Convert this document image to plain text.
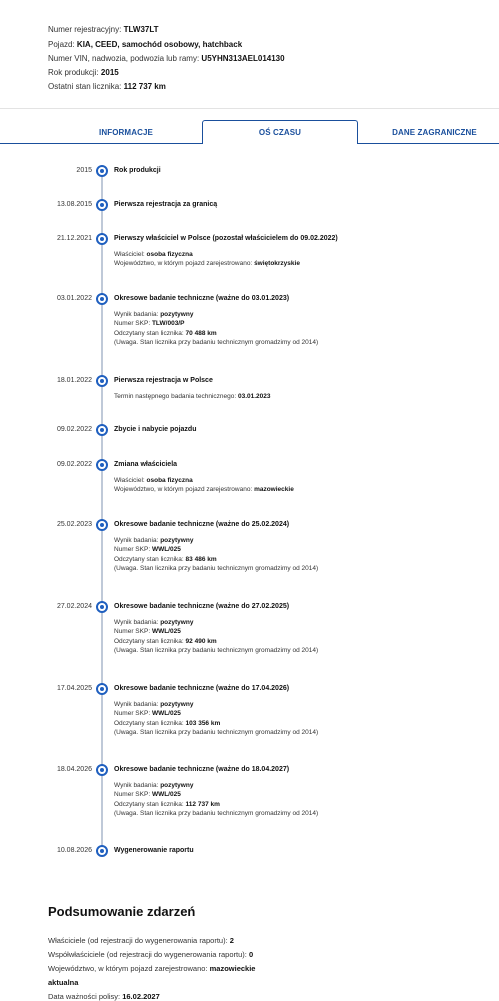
Numer rejestracyjny: TLW37LT
Pojazd: KIA, CEED, samochód osobowy, hatchback
Numer VIN, nadwozia, podwozia lub ramy: U5YHN313AEL014130
Rok produkcji: 2015
Ostatni stan licznika: 112 737 km
INFORMACJE	OŚ CZASU	DANE ZAGRANICZNE
2015	Rok produkcji
13.08.2015	Pierwsza rejestracja za granicą
21.12.2021	Pierwszy właściciel w Polsce (pozostał właścicielem do 09.02.2022)
Właściciel: osoba fizyczna
Województwo, w którym pojazd zarejestrowano: świętokrzyskie
03.01.2022	Okresowe badanie techniczne (ważne do 03.01.2023)
Wynik badania: pozytywny
Numer SKP: TLW/003/P
Odczytany stan licznika: 70 488 km
(Uwaga. Stan licznika przy badaniu technicznym gromadzimy od 2014)
18.01.2022	Pierwsza rejestracja w Polsce
Termin następnego badania technicznego: 03.01.2023
09.02.2022	Zbycie i nabycie pojazdu
09.02.2022	Zmiana właściciela
Właściciel: osoba fizyczna
Województwo, w którym pojazd zarejestrowano: mazowieckie
25.02.2023	Okresowe badanie techniczne (ważne do 25.02.2024)
Wynik badania: pozytywny
Numer SKP: WWL/025
Odczytany stan licznika: 83 486 km
(Uwaga. Stan licznika przy badaniu technicznym gromadzimy od 2014)
27.02.2024	Okresowe badanie techniczne (ważne do 27.02.2025)
Wynik badania: pozytywny
Numer SKP: WWL/025
Odczytany stan licznika: 92 490 km
(Uwaga. Stan licznika przy badaniu technicznym gromadzimy od 2014)
17.04.2025	Okresowe badanie techniczne (ważne do 17.04.2026)
Wynik badania: pozytywny
Numer SKP: WWL/025
Odczytany stan licznika: 103 356 km
(Uwaga. Stan licznika przy badaniu technicznym gromadzimy od 2014)
18.04.2026	Okresowe badanie techniczne (ważne do 18.04.2027)
Wynik badania: pozytywny
Numer SKP: WWL/025
Odczytany stan licznika: 112 737 km
(Uwaga. Stan licznika przy badaniu technicznym gromadzimy od 2014)
10.08.2026	Wygenerowanie raportu
Podsumowanie zdarzeń
Właściciele (od rejestracji do wygenerowania raportu): 2
Współwłaściciele (od rejestracji do wygenerowania raportu): 0
Województwo, w którym pojazd zarejestrowano: mazowieckie
aktualna
Data ważności polisy: 16.02.2027
